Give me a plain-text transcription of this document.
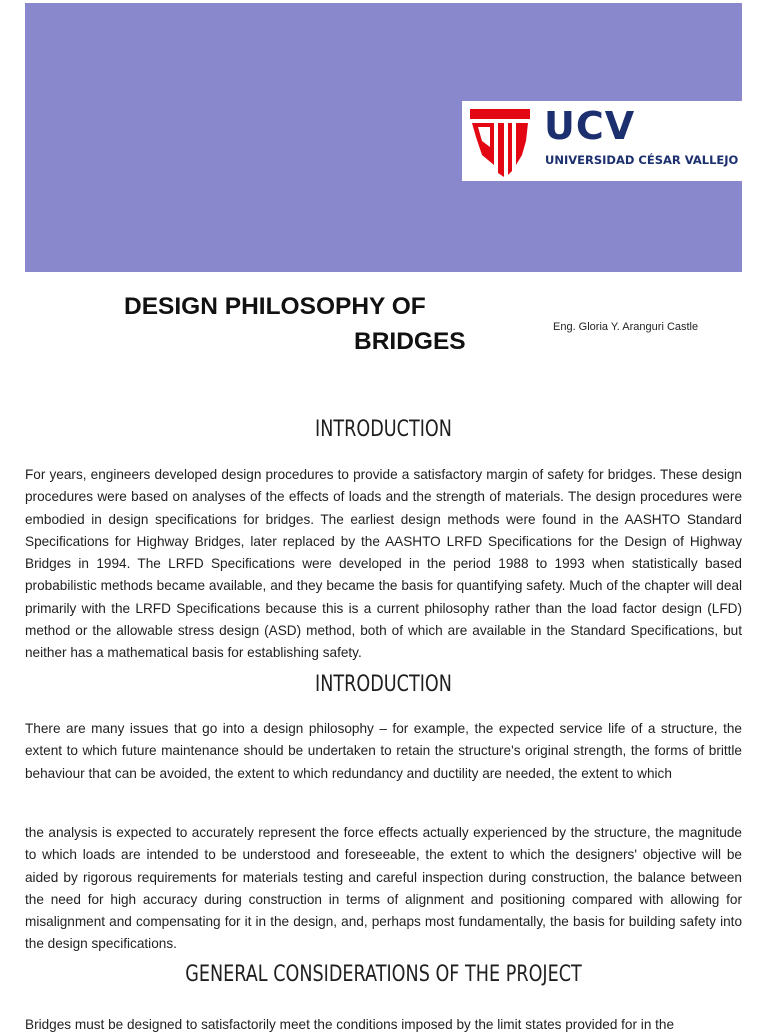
UCV
UNIVERSIDAD CÉSAR VALLEJO
DESIGN PHILOSOPHY OF
BRIDGES
Eng. Gloria Y. Aranguri Castle
INTRODUCTION

For years, engineers developed design procedures to provide a satisfactory margin of safety for bridges. These design procedures were based on analyses of the effects of loads and the strength of materials. The design procedures were embodied in design specifications for bridges. The earliest design methods were found in the AASHTO Standard Specifications for Highway Bridges, later replaced by the AASHTO LRFD Specifications for the Design of Highway Bridges in 1994. The LRFD Specifications were developed in the period 1988 to 1993 when statistically based probabilistic methods became available, and they became the basis for quantifying safety. Much of the chapter will deal primarily with the LRFD Specifications because this is a current philosophy rather than the load factor design (LFD) method or the allowable stress design (ASD) method, both of which are available in the Standard Specifications, but neither has a mathematical basis for establishing safety.

INTRODUCTION

There are many issues that go into a design philosophy – for example, the expected service life of a structure, the extent to which future maintenance should be undertaken to retain the structure's original strength, the forms of brittle behaviour that can be avoided, the extent to which redundancy and ductility are needed, the extent to which

the analysis is expected to accurately represent the force effects actually experienced by the structure, the magnitude to which loads are intended to be understood and foreseeable, the extent to which the designers' objective will be aided by rigorous requirements for materials testing and careful inspection during construction, the balance between the need for high accuracy during construction in terms of alignment and positioning compared with allowing for misalignment and compensating for it in the design, and, perhaps most fundamentally, the basis for building safety into the design specifications.

GENERAL CONSIDERATIONS OF THE PROJECT

Bridges must be designed to satisfactorily meet the conditions imposed by the limit states provided for in the
